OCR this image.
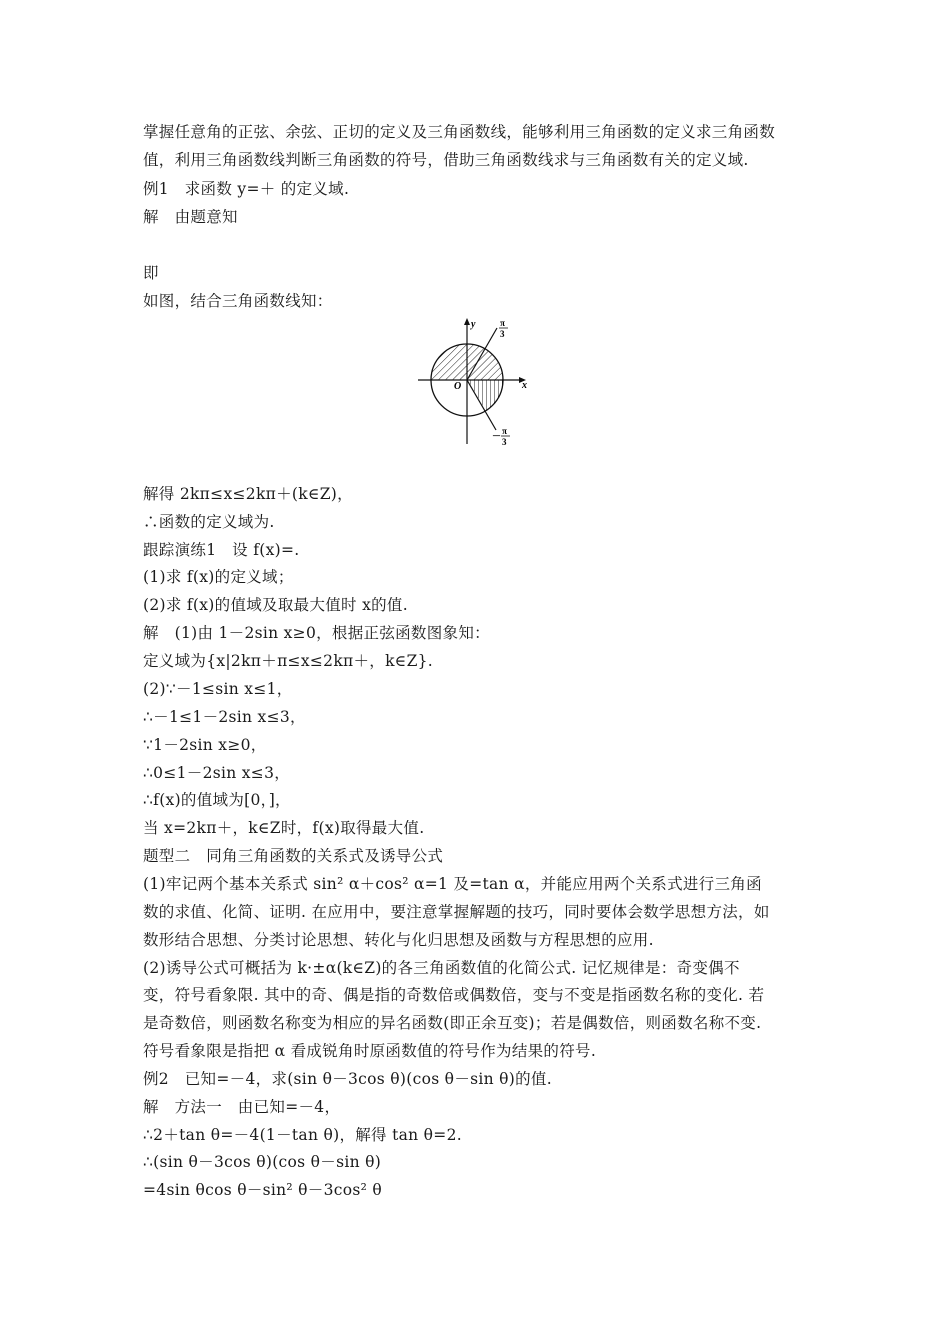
掌握任意角的正弦、余弦、正切的定义及三角函数线，能够利用三角函数的定义求三角函数
值，利用三角函数线判断三角函数的符号，借助三角函数线求与三角函数有关的定义域.
例1　求函数 y=＋ 的定义域.
解　由题意知
即
如图，结合三角函数线知：
y
x
O
π
3
－ π
3
解得 2kπ≤x≤2kπ＋(k∈Z)，
∴函数的定义域为.
跟踪演练1　设 f(x)=.
(1)求 f(x)的定义域；
(2)求 f(x)的值域及取最大值时 x的值.
解　(1)由 1－2sin x≥0，根据正弦函数图象知：
定义域为{x|2kπ＋π≤x≤2kπ＋，k∈Z}.
(2)∵－1≤sin x≤1，
∴－1≤1－2sin x≤3，
∵1－2sin x≥0，
∴0≤1－2sin x≤3，
∴f(x)的值域为[0，]，
当 x=2kπ＋，k∈Z时，f(x)取得最大值.
题型二　同角三角函数的关系式及诱导公式
(1)牢记两个基本关系式 sin² α＋cos² α=1 及=tan α，并能应用两个关系式进行三角函
数的求值、化简、证明. 在应用中，要注意掌握解题的技巧，同时要体会数学思想方法，如
数形结合思想、分类讨论思想、转化与化归思想及函数与方程思想的应用.
(2)诱导公式可概括为 k·±α(k∈Z)的各三角函数值的化简公式. 记忆规律是：奇变偶不
变，符号看象限. 其中的奇、偶是指的奇数倍或偶数倍，变与不变是指函数名称的变化. 若
是奇数倍，则函数名称变为相应的异名函数(即正余互变)；若是偶数倍，则函数名称不变.
符号看象限是指把 α 看成锐角时原函数值的符号作为结果的符号.
例2　已知=－4，求(sin θ－3cos θ)(cos θ－sin θ)的值.
解　方法一　由已知=－4，
∴2＋tan θ=－4(1－tan θ)，解得 tan θ=2.
∴(sin θ－3cos θ)(cos θ－sin θ)
=4sin θcos θ－sin² θ－3cos² θ
